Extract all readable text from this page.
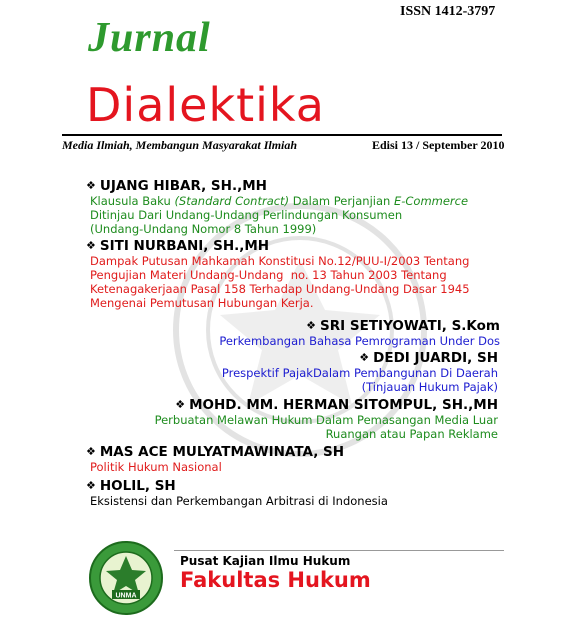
ISSN 1412-3797
Jurnal
Dialektika
Media Ilmiah, Membangun Masyarakat Ilmiah	Edisi 13 / September 2010
❖ UJANG HIBAR, SH.,MH
Klausula Baku (Standard Contract) Dalam Perjanjian E-Commerce
Ditinjau Dari Undang-Undang Perlindungan Konsumen
(Undang-Undang Nomor 8 Tahun 1999)
❖ SITI NURBANI, SH.,MH
Dampak Putusan Mahkamah Konstitusi No.12/PUU-I/2003 Tentang
Pengujian Materi Undang-Undang  no. 13 Tahun 2003 Tentang
Ketenagakerjaan Pasal 158 Terhadap Undang-Undang Dasar 1945
Mengenai Pemutusan Hubungan Kerja.
❖ SRI SETIYOWATI, S.Kom
Perkembangan Bahasa Pemrograman Under Dos
❖ DEDI JUARDI, SH
Prespektif PajakDalam Pembangunan Di Daerah
(Tinjauan Hukum Pajak)
❖ MOHD. MM. HERMAN SITOMPUL, SH.,MH
Perbuatan Melawan Hukum Dalam Pemasangan Media Luar
Ruangan atau Papan Reklame
❖ MAS ACE MULYATMAWINATA, SH
Politik Hukum Nasional
❖ HOLIL, SH
Eksistensi dan Perkembangan Arbitrasi di Indonesia
UNMA
Pusat Kajian Ilmu Hukum
Fakultas Hukum
